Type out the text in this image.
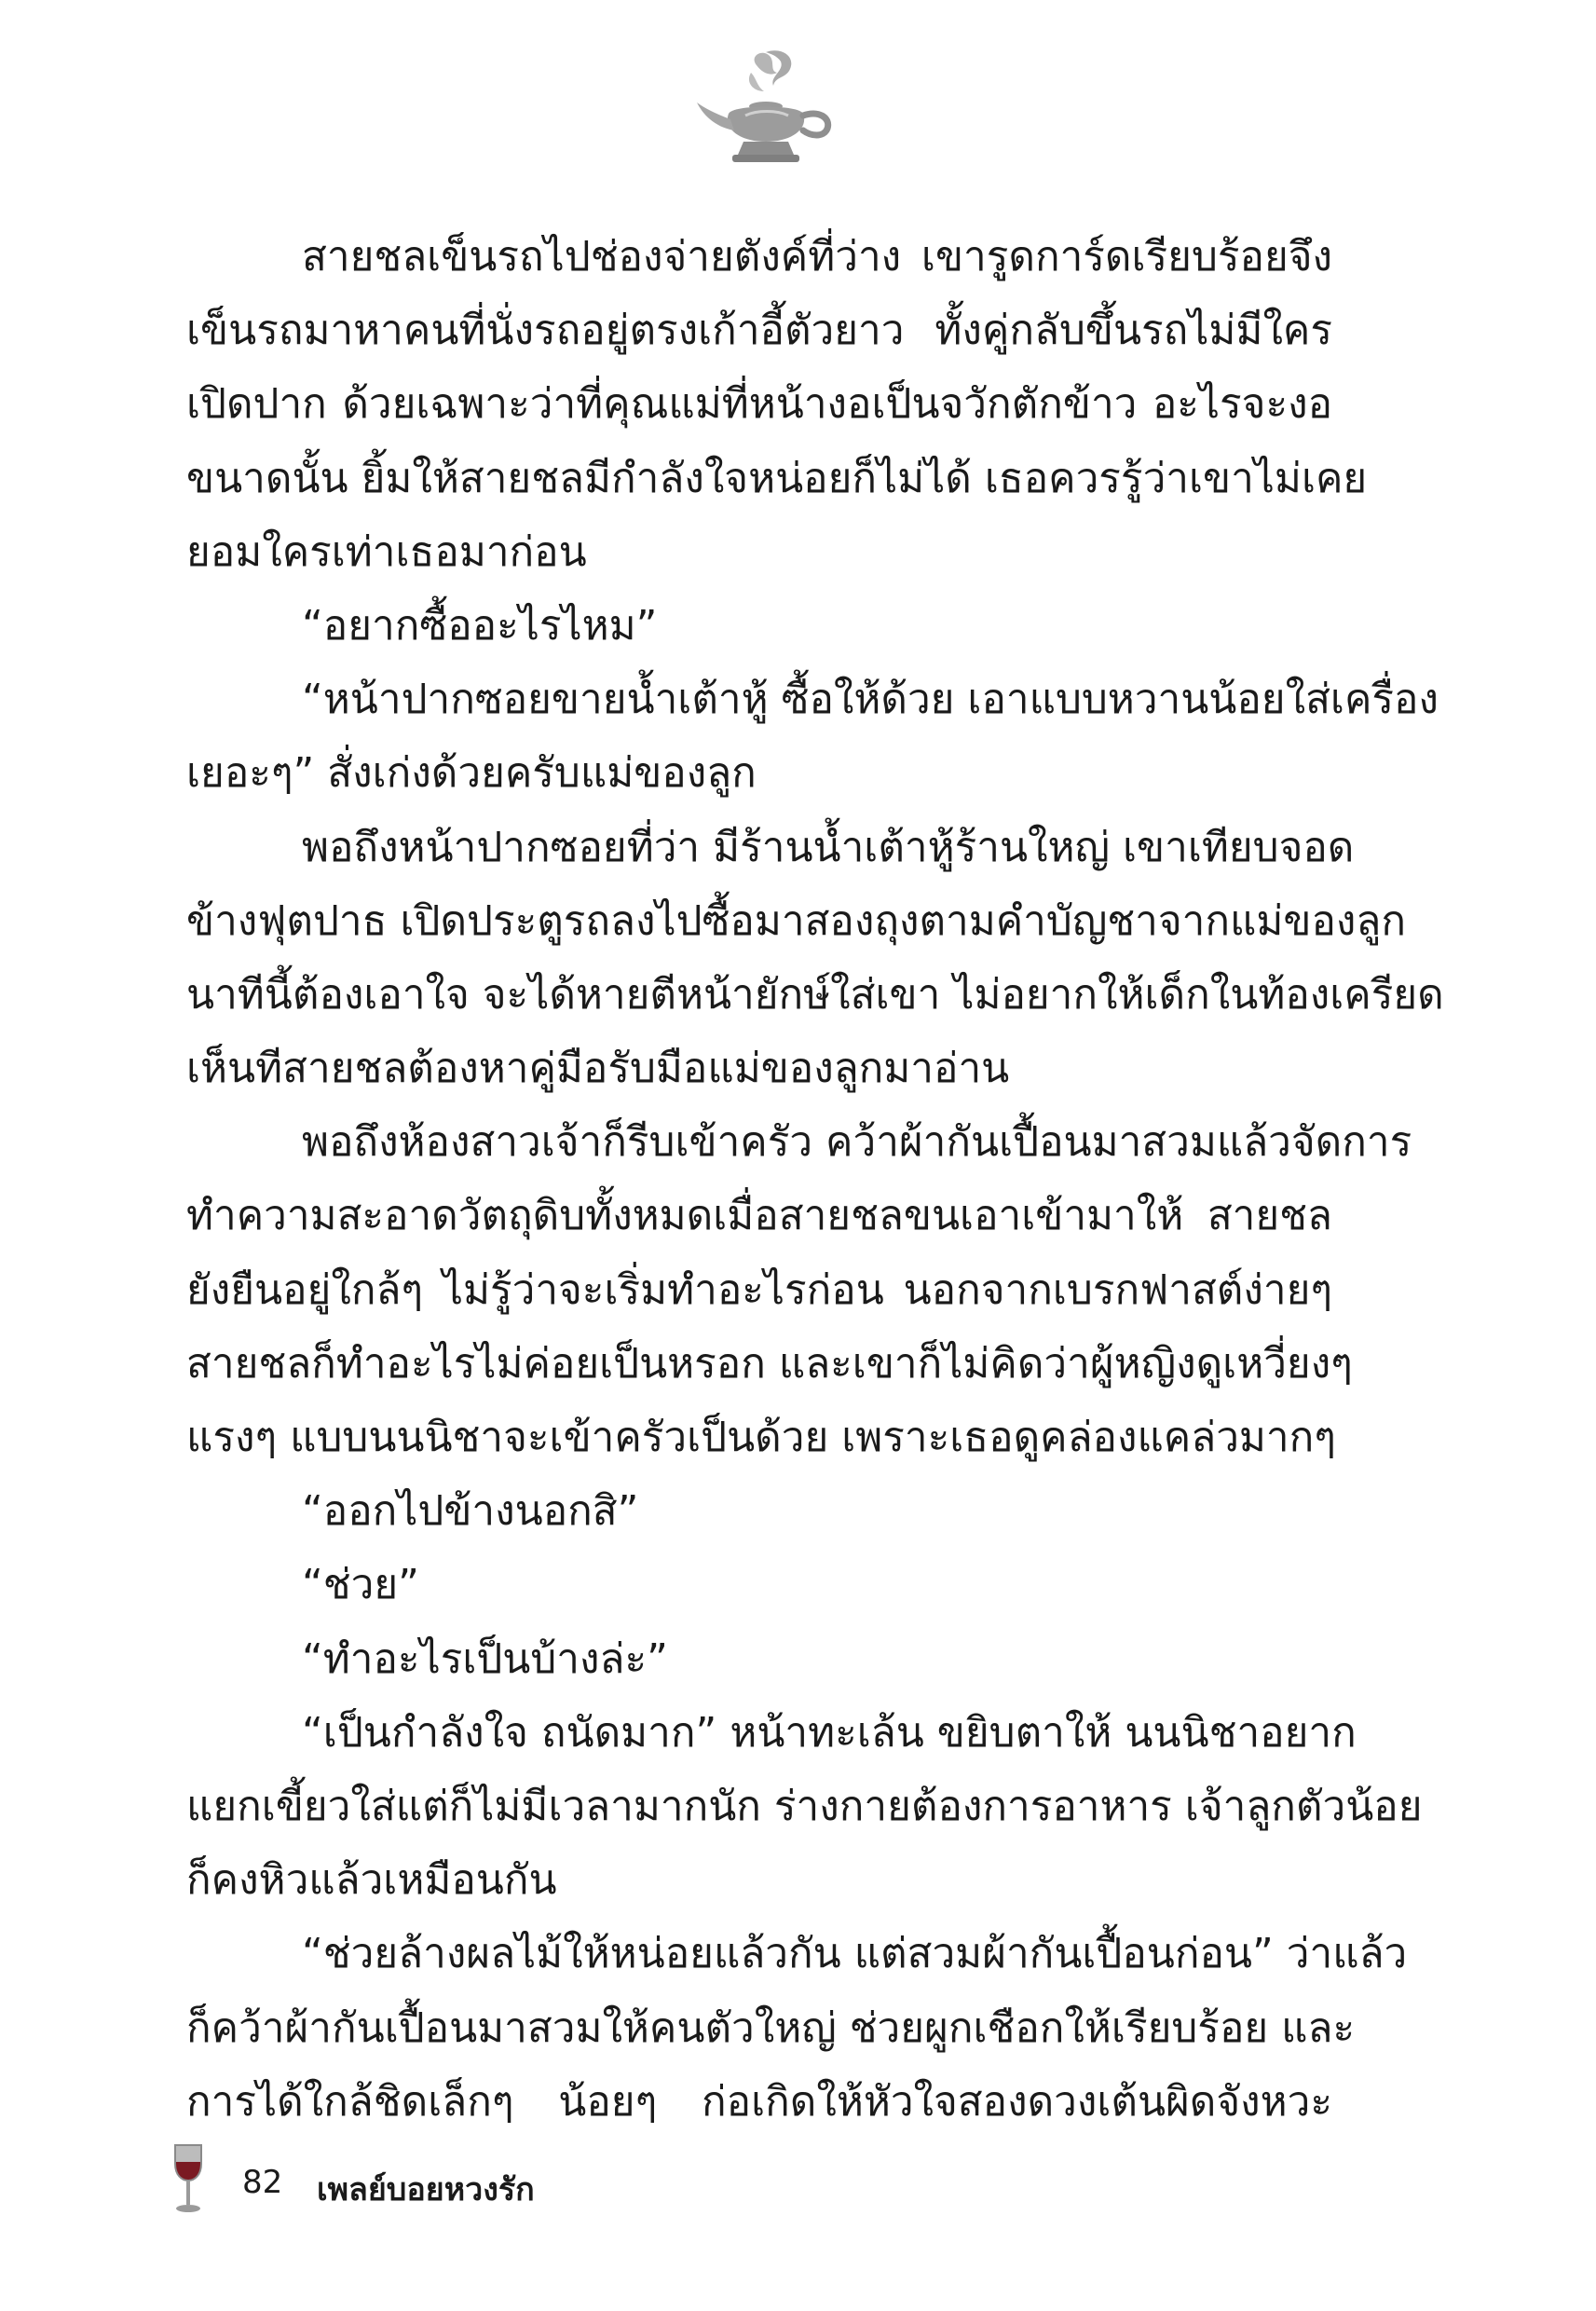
สายชลเข็นรถไปช่องจ่ายตังค์ที่ว่าง เขารูดการ์ดเรียบร้อยจึง
เข็นรถมาหาคนที่นั่งรถอยู่ตรงเก้าอี้ตัวยาว ทั้งคู่กลับขึ้นรถไม่มีใคร
เปิดปาก ด้วยเฉพาะว่าที่คุณแม่ที่หน้างอเป็นจวักตักข้าว อะไรจะงอ
ขนาดนั้น ยิ้มให้สายชลมีกำลังใจหน่อยก็ไม่ได้ เธอควรรู้ว่าเขาไม่เคย
ยอมใครเท่าเธอมาก่อน
“อยากซื้ออะไรไหม”
“หน้าปากซอยขายน้ำเต้าหู้ ซื้อให้ด้วย เอาแบบหวานน้อยใส่เครื่อง
เยอะๆ” สั่งเก่งด้วยครับแม่ของลูก
พอถึงหน้าปากซอยที่ว่า มีร้านน้ำเต้าหู้ร้านใหญ่ เขาเทียบจอด
ข้างฟุตปาธ เปิดประตูรถลงไปซื้อมาสองถุงตามคำบัญชาจากแม่ของลูก
นาทีนี้ต้องเอาใจ จะได้หายตีหน้ายักษ์ใส่เขา ไม่อยากให้เด็กในท้องเครียด
เห็นทีสายชลต้องหาคู่มือรับมือแม่ของลูกมาอ่าน
พอถึงห้องสาวเจ้าก็รีบเข้าครัว คว้าผ้ากันเปื้อนมาสวมแล้วจัดการ
ทำความสะอาดวัตถุดิบทั้งหมดเมื่อสายชลขนเอาเข้ามาให้ สายชล
ยังยืนอยู่ใกล้ๆ ไม่รู้ว่าจะเริ่มทำอะไรก่อน นอกจากเบรกฟาสต์ง่ายๆ
สายชลก็ทำอะไรไม่ค่อยเป็นหรอก และเขาก็ไม่คิดว่าผู้หญิงดูเหวี่ยงๆ
แรงๆ แบบนนนิชาจะเข้าครัวเป็นด้วย เพราะเธอดูคล่องแคล่วมากๆ
“ออกไปข้างนอกสิ”
“ช่วย”
“ทำอะไรเป็นบ้างล่ะ”
“เป็นกำลังใจ ถนัดมาก” หน้าทะเล้น ขยิบตาให้ นนนิชาอยาก
แยกเขี้ยวใส่แต่ก็ไม่มีเวลามากนัก ร่างกายต้องการอาหาร เจ้าลูกตัวน้อย
ก็คงหิวแล้วเหมือนกัน
“ช่วยล้างผลไม้ให้หน่อยแล้วกัน แต่สวมผ้ากันเปื้อนก่อน” ว่าแล้ว
ก็คว้าผ้ากันเปื้อนมาสวมให้คนตัวใหญ่ ช่วยผูกเชือกให้เรียบร้อย และ
การได้ใกล้ชิดเล็กๆ น้อยๆ ก่อเกิดให้หัวใจสองดวงเต้นผิดจังหวะ
82 เพลย์บอยหวงรัก
